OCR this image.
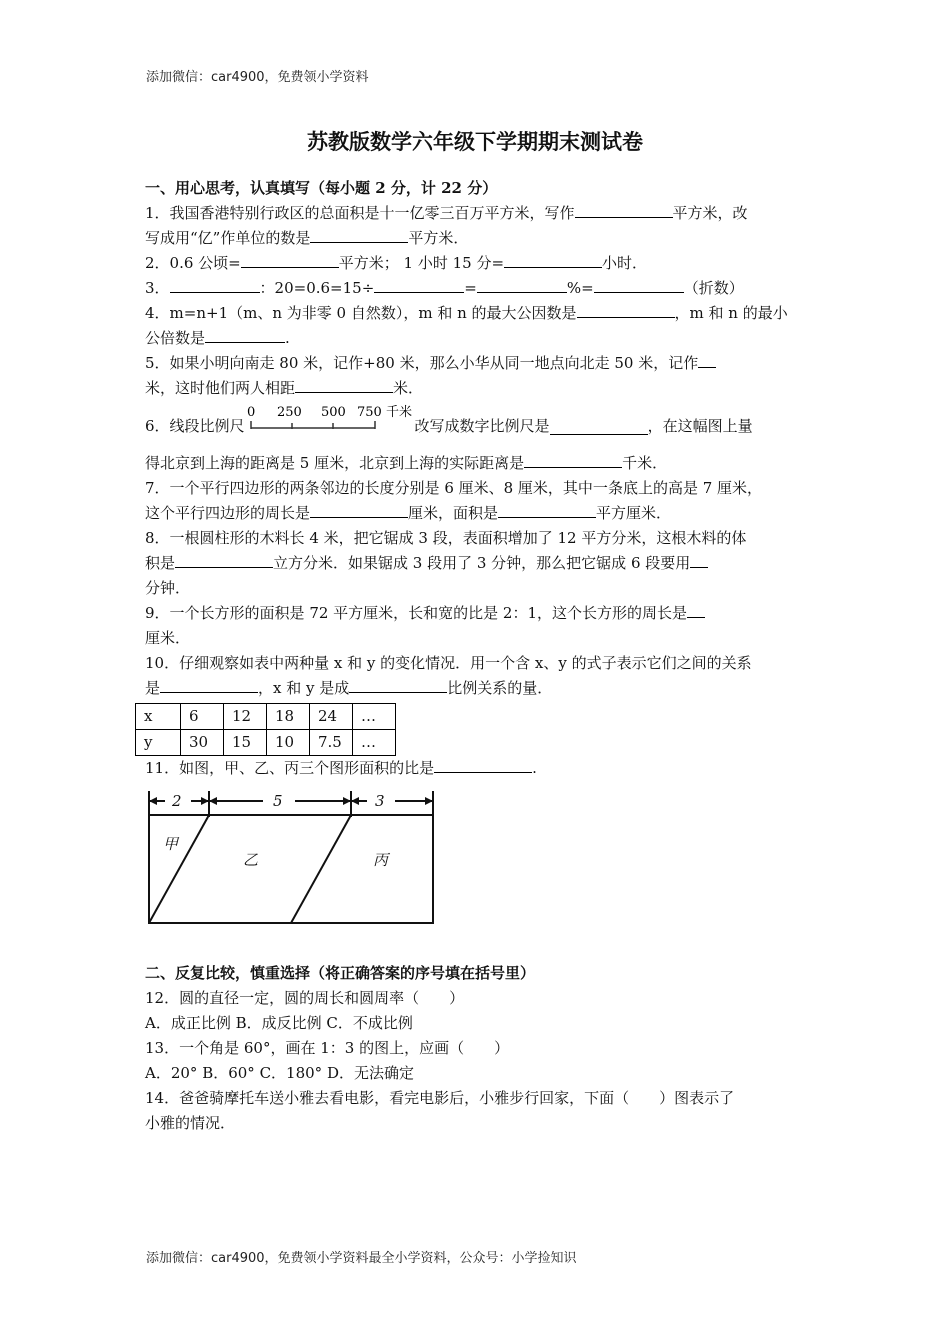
添加微信：car4900，免费领小学资料
苏教版数学六年级下学期期末测试卷

一、用心思考，认真填写（每小题 2 分，计 22 分）

1．我国香港特别行政区的总面积是十一亿零三百万平方米，写作	平方米，改
写成用“亿”作单位的数是	平方米．

2．0.6 公顷=	平方米； 1 小时 15 分=	小时．

3．	：20=0.6=15÷	=	%=	（折数）

4．m=n+1（m、n 为非零 0 自然数），m 和 n 的最大公因数是	，m 和 n 的最小
公倍数是	.

5．如果小明向南走 80 米，记作+80 米，那么小华从同一地点向北走 50 米，记作
米，这时他们两人相距	米．

6．线段比例尺
0 250 500 750 千米
改写成数字比例尺是	，在这幅图上量

得北京到上海的距离是 5 厘米，北京到上海的实际距离是	千米．

7．一个平行四边形的两条邻边的长度分别是 6 厘米、8 厘米，其中一条底上的高是 7 厘米，
这个平行四边形的周长是	厘米，面积是	平方厘米．

8．一根圆柱形的木料长 4 米，把它锯成 3 段，表面积增加了 12 平方分米，这根木料的体
积是	立方分米．如果锯成 3 段用了 3 分钟，那么把它锯成 6 段要用
分钟．

9．一个长方形的面积是 72 平方厘米，长和宽的比是 2：1，这个长方形的周长是
厘米．

10．仔细观察如表中两种量 x 和 y 的变化情况．用一个含 x、y 的式子表示它们之间的关系
是	，x 和 y 是成	比例关系的量．

x	6	12	18	24	…
y	30	15	10	7.5	…

11．如图，甲、乙、丙三个图形面积的比是	.

2	5	3
甲
乙	丙

二、反复比较，慎重选择（将正确答案的序号填在括号里）

12．圆的直径一定，圆的周长和圆周率（　　）
A．成正比例 B．成反比例 C．不成比例

13．一个角是 60°，画在 1：3 的图上，应画（　　）
A．20° B．60° C．180° D．无法确定

14．爸爸骑摩托车送小雅去看电影，看完电影后，小雅步行回家，下面（　　）图表示了
小雅的情况．

添加微信：car4900，免费领小学资料最全小学资料，公众号：小学捡知识
